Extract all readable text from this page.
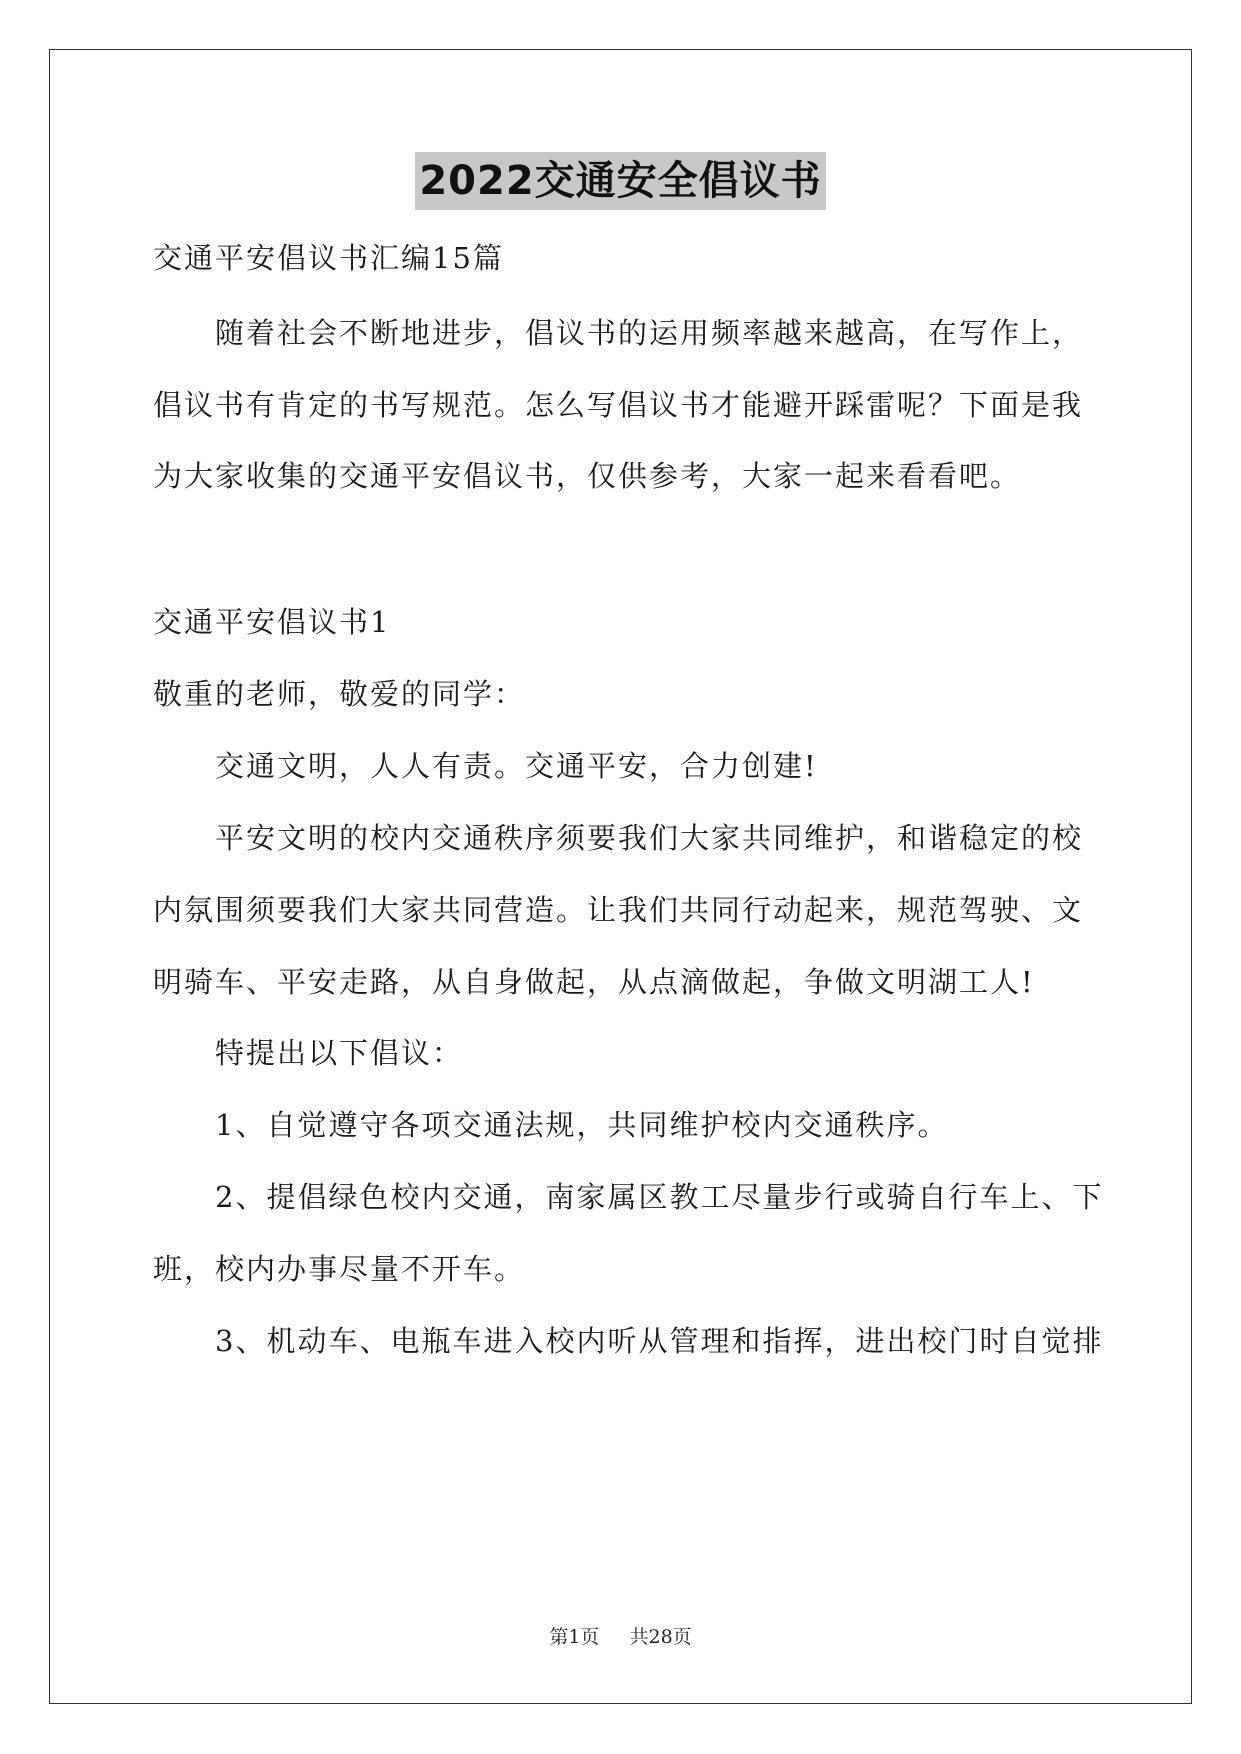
2022交通安全倡议书
交通平安倡议书汇编15篇
随着社会不断地进步，倡议书的运用频率越来越高，在写作上，
倡议书有肯定的书写规范。怎么写倡议书才能避开踩雷呢？下面是我
为大家收集的交通平安倡议书，仅供参考，大家一起来看看吧。
交通平安倡议书1
敬重的老师，敬爱的同学：
交通文明，人人有责。交通平安，合力创建!
平安文明的校内交通秩序须要我们大家共同维护，和谐稳定的校
内氛围须要我们大家共同营造。让我们共同行动起来，规范驾驶、文
明骑车、平安走路，从自身做起，从点滴做起，争做文明湖工人!
特提出以下倡议：
1、自觉遵守各项交通法规，共同维护校内交通秩序。
2、提倡绿色校内交通，南家属区教工尽量步行或骑自行车上、下
班，校内办事尽量不开车。
3、机动车、电瓶车进入校内听从管理和指挥，进出校门时自觉排
第1页 共28页
